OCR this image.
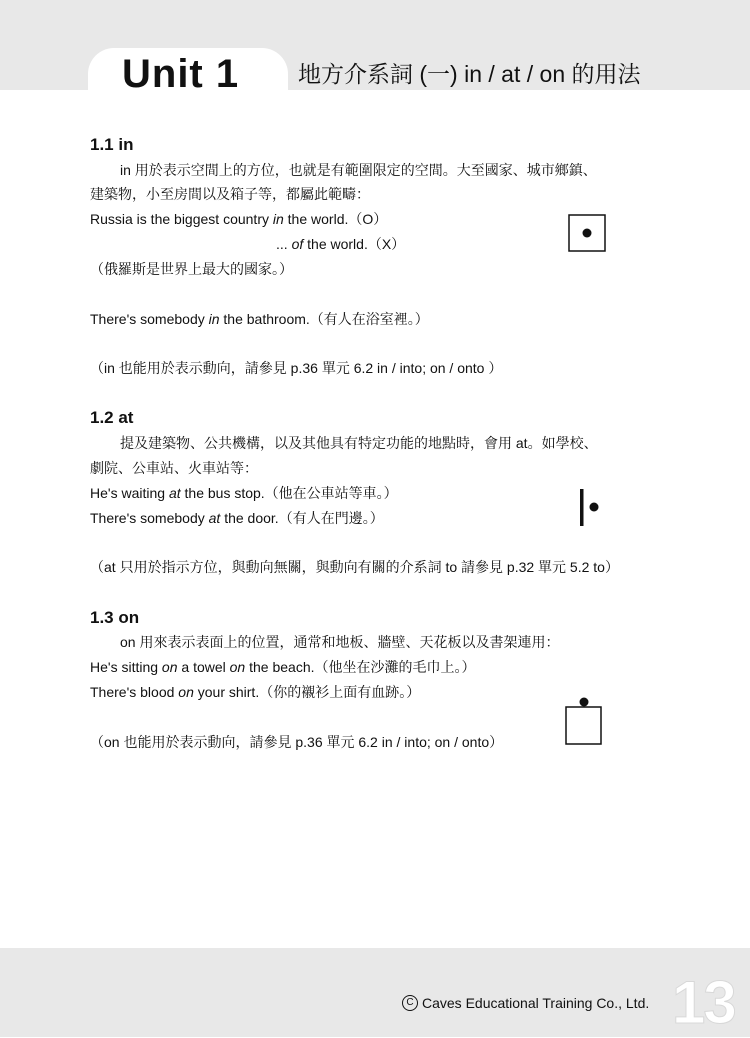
Unit 1	地方介系詞 (一) in / at / on 的用法

1.1 in

in 用於表示空間上的方位，也就是有範圍限定的空間。大至國家、城市鄉鎮、

建築物，小至房間以及箱子等，都屬此範疇：

Russia is the biggest country in the world.（O）

... of the world.（X）

（俄羅斯是世界上最大的國家。）

There's somebody in the bathroom.（有人在浴室裡。）

（in 也能用於表示動向，請參見 p.36 單元 6.2 in / into; on / onto ）

1.2 at

提及建築物、公共機構，以及其他具有特定功能的地點時，會用 at。如學校、

劇院、公車站、火車站等：

He's waiting at the bus stop.（他在公車站等車。）

There's somebody at the door.（有人在門邊。）

（at 只用於指示方位，與動向無關，與動向有關的介系詞 to 請參見 p.32 單元 5.2 to）

1.3 on

on 用來表示表面上的位置，通常和地板、牆壁、天花板以及書架連用：

He's sitting on a towel on the beach.（他坐在沙灘的毛巾上。）

There's blood on your shirt.（你的襯衫上面有血跡。）

（on 也能用於表示動向，請參見 p.36 單元 6.2 in / into; on / onto）

C Caves Educational Training Co., Ltd. 13
